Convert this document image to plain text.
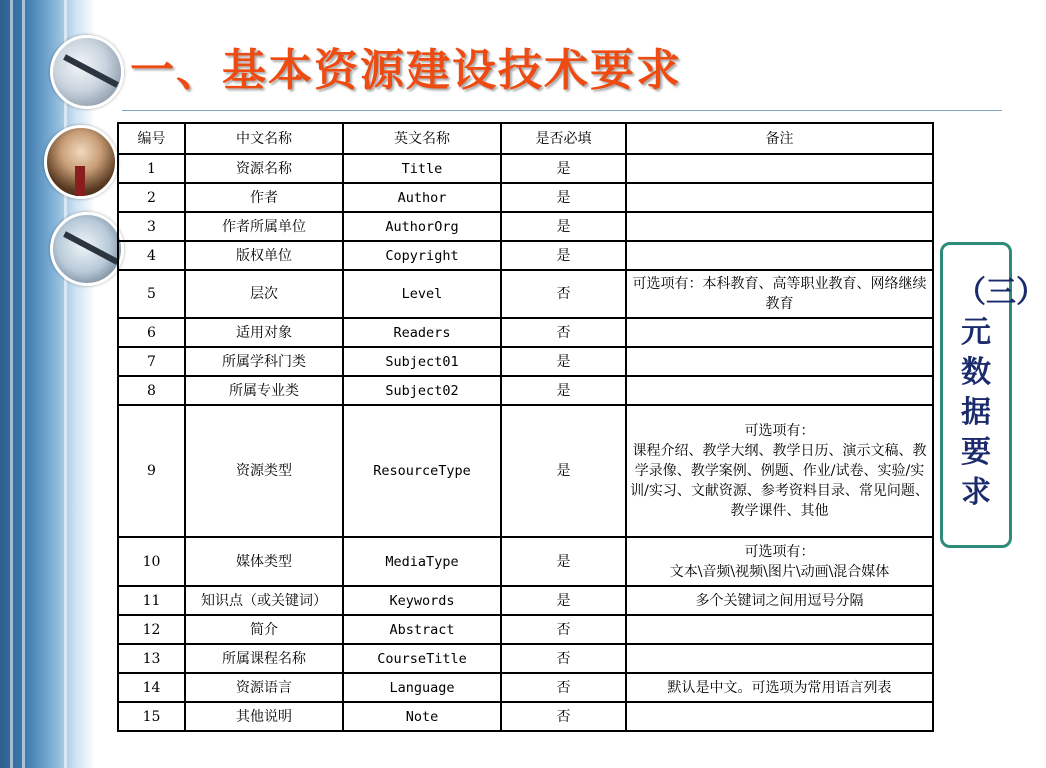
一、基本资源建设技术要求
编号	中文名称	英文名称	是否必填	备注
1	资源名称	Title	是	
2	作者	Author	是	
3	作者所属单位	AuthorOrg	是	
4	版权单位	Copyright	是	
5	层次	Level	否	可选项有：本科教育、高等职业教育、网络继续教育
6	适用对象	Readers	否	
7	所属学科门类	Subject01	是	
8	所属专业类	Subject02	是	
9	资源类型	ResourceType	是	可选项有：
课程介绍、教学大纲、教学日历、演示文稿、教学录像、教学案例、例题、作业/试卷、实验/实训/实习、文献资源、参考资料目录、常见问题、教学课件、其他
10	媒体类型	MediaType	是	可选项有：
文本\音频\视频\图片\动画\混合媒体
11	知识点（或关键词）	Keywords	是	多个关键词之间用逗号分隔
12	简介	Abstract	否	
13	所属课程名称	CourseTitle	否	
14	资源语言	Language	否	默认是中文。可选项为常用语言列表
15	其他说明	Note	否	
（三）元数据要求
